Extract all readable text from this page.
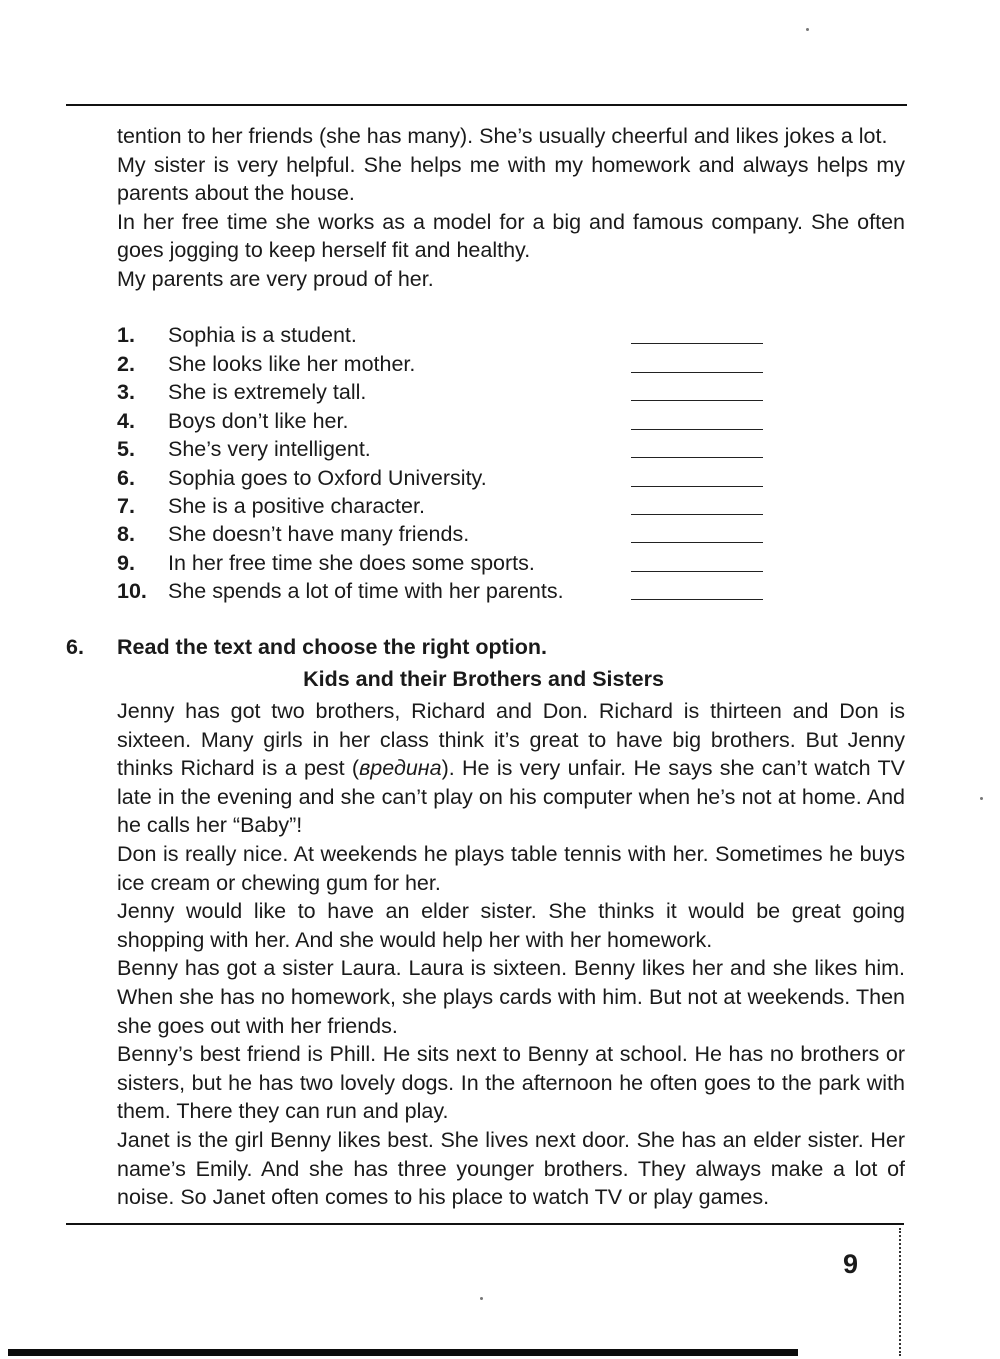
tention to her friends (she has many). She’s usually cheerful and likes jokes a lot.
My sister is very helpful. She helps me with my homework and always helps my parents about the house.
In her free time she works as a model for a big and famous company. She often goes jogging to keep herself fit and healthy.
My parents are very proud of her.

1. Sophia is a student.
2. She looks like her mother.
3. She is extremely tall.
4. Boys don’t like her.
5. She’s very intelligent.
6. Sophia goes to Oxford University.
7. She is a positive character.
8. She doesn’t have many friends.
9. In her free time she does some sports.
10. She spends a lot of time with her parents.
6. Read the text and choose the right option.
Kids and their Brothers and Sisters

Jenny has got two brothers, Richard and Don. Richard is thirteen and Don is sixteen. Many girls in her class think it’s great to have big brothers. But Jenny thinks Richard is a pest (вредина). He is very unfair. He says she can’t watch TV late in the evening and she can’t play on his computer when he’s not at home. And he calls her “Baby”!
Don is really nice. At weekends he plays table tennis with her. Sometimes he buys ice cream or chewing gum for her.
Jenny would like to have an elder sister. She thinks it would be great going shopping with her. And she would help her with her homework.
Benny has got a sister Laura. Laura is sixteen. Benny likes her and she likes him. When she has no homework, she plays cards with him. But not at weekends. Then she goes out with her friends.
Benny’s best friend is Phill. He sits next to Benny at school. He has no brothers or sisters, but he has two lovely dogs. In the afternoon he often goes to the park with them. There they can run and play.
Janet is the girl Benny likes best. She lives next door. She has an elder sister. Her name’s Emily. And she has three younger brothers. They always make a lot of noise. So Janet often comes to his place to watch TV or play games.

9
